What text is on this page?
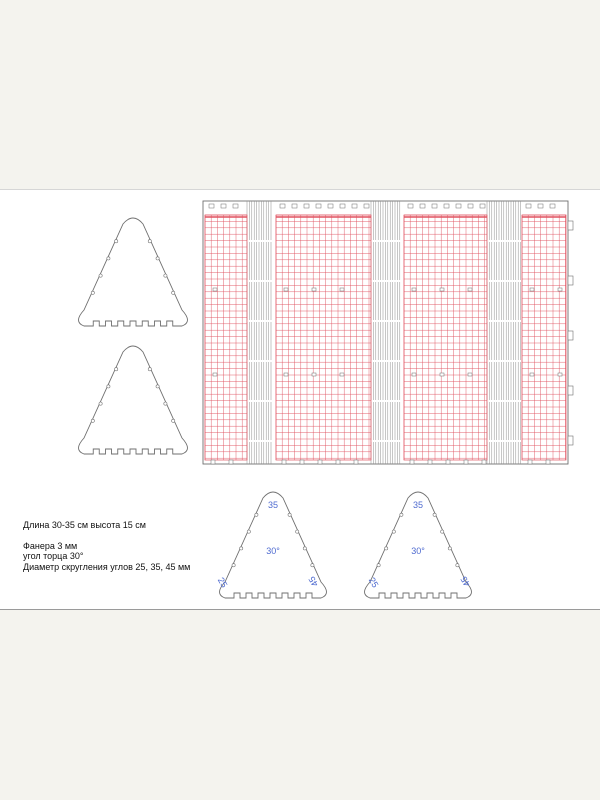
35
30°
25	45
35
30°
25	45
Длина 30-35 см высота 15 см
Фанера 3 мм
угол торца 30°
Диаметр скругления углов 25, 35, 45 мм
